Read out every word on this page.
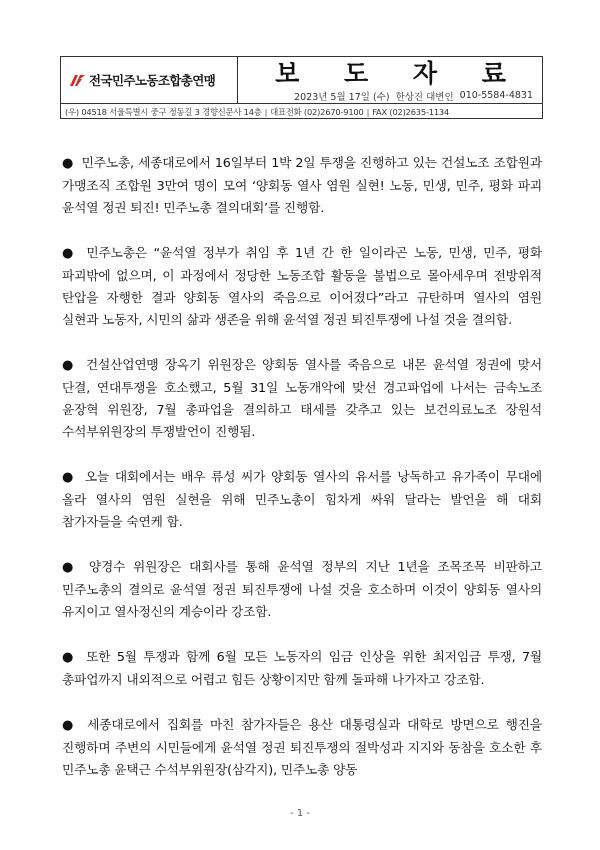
전국민주노동조합총연맹 보 도 자 료
2023년 5월 17일 (수) 한상진 대변인 010-5584-4831
(우) 04518 서울특별시 중구 정동길 3 경향신문사 14층 | 대표전화 (02)2670-9100 | FAX (02)2635-1134

● 민주노총, 세종대로에서 16일부터 1박 2일 투쟁을 진행하고 있는 건설노조 조합원과 가맹조직 조합원 3만여 명이 모여 ‘양회동 열사 염원 실현! 노동, 민생, 민주, 평화 파괴 윤석열 정권 퇴진! 민주노총 결의대회’를 진행함.

● 민주노총은 “윤석열 정부가 취임 후 1년 간 한 일이라곤 노동, 민생, 민주, 평화 파괴밖에 없으며, 이 과정에서 정당한 노동조합 활동을 불법으로 몰아세우며 전방위적 탄압을 자행한 결과 양회동 열사의 죽음으로 이어졌다”라고 규탄하며 열사의 염원 실현과 노동자, 시민의 삶과 생존을 위해 윤석열 정권 퇴진투쟁에 나설 것을 결의함.

● 건설산업연맹 장옥기 위원장은 양회동 열사를 죽음으로 내몬 윤석열 정권에 맞서 단결, 연대투쟁을 호소했고, 5월 31일 노동개악에 맞선 경고파업에 나서는 금속노조 윤장혁 위원장, 7월 총파업을 결의하고 태세를 갖추고 있는 보건의료노조 장원석 수석부위원장의 투쟁발언이 진행됨.

● 오늘 대회에서는 배우 류성 씨가 양회동 열사의 유서를 낭독하고 유가족이 무대에 올라 열사의 염원 실현을 위해 민주노총이 힘차게 싸워 달라는 발언을 해 대회 참가자들을 숙연케 함.

● 양경수 위원장은 대회사를 통해 윤석열 정부의 지난 1년을 조목조목 비판하고 민주노총의 결의로 윤석열 정권 퇴진투쟁에 나설 것을 호소하며 이것이 양회동 열사의 유지이고 열사정신의 계승이라 강조함.

● 또한 5월 투쟁과 함께 6월 모든 노동자의 임금 인상을 위한 최저임금 투쟁, 7월 총파업까지 내외적으로 어렵고 힘든 상황이지만 함께 돌파해 나가자고 강조함.

● 세종대로에서 집회를 마친 참가자들은 용산 대통령실과 대학로 방면으로 행진을 진행하며 주변의 시민들에게 윤석열 정권 퇴진투쟁의 절박성과 지지와 동참을 호소한 후 민주노총 윤택근 수석부위원장(삼각지), 민주노총 양동

- 1 -
